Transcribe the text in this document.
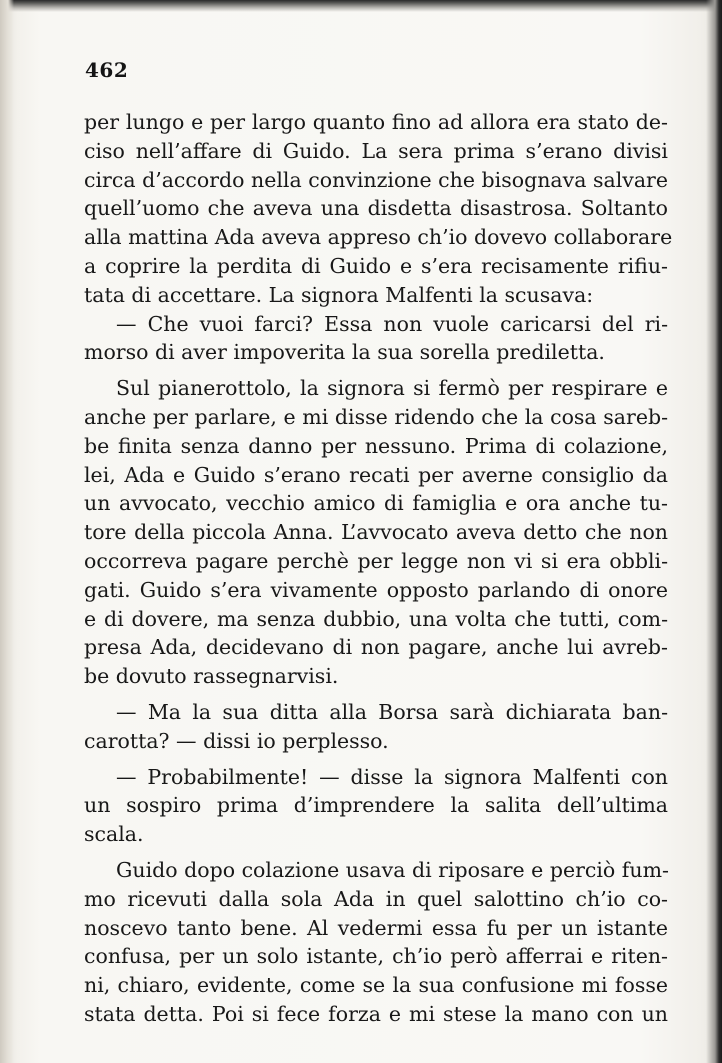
462
per lungo e per largo quanto fino ad allora era stato de-
ciso nell’affare di Guido. La sera prima s’erano divisi
circa d’accordo nella convinzione che bisognava salvare
quell’uomo che aveva una disdetta disastrosa. Soltanto
alla mattina Ada aveva appreso ch’io dovevo collaborare
a coprire la perdita di Guido e s’era recisamente rifiu-
tata di accettare. La signora Malfenti la scusava:
— Che vuoi farci? Essa non vuole caricarsi del ri-
morso di aver impoverita la sua sorella prediletta.
Sul pianerottolo, la signora si fermò per respirare e
anche per parlare, e mi disse ridendo che la cosa sareb-
be finita senza danno per nessuno. Prima di colazione,
lei, Ada e Guido s’erano recati per averne consiglio da
un avvocato, vecchio amico di famiglia e ora anche tu-
tore della piccola Anna. L’avvocato aveva detto che non
occorreva pagare perchè per legge non vi si era obbli-
gati. Guido s’era vivamente opposto parlando di onore
e di dovere, ma senza dubbio, una volta che tutti, com-
presa Ada, decidevano di non pagare, anche lui avreb-
be dovuto rassegnarvisi.
— Ma la sua ditta alla Borsa sarà dichiarata ban-
carotta? — dissi io perplesso.
— Probabilmente! — disse la signora Malfenti con
un sospiro prima d’imprendere la salita dell’ultima
scala.
Guido dopo colazione usava di riposare e perciò fum-
mo ricevuti dalla sola Ada in quel salottino ch’io co-
noscevo tanto bene. Al vedermi essa fu per un istante
confusa, per un solo istante, ch’io però afferrai e riten-
ni, chiaro, evidente, come se la sua confusione mi fosse
stata detta. Poi si fece forza e mi stese la mano con un
